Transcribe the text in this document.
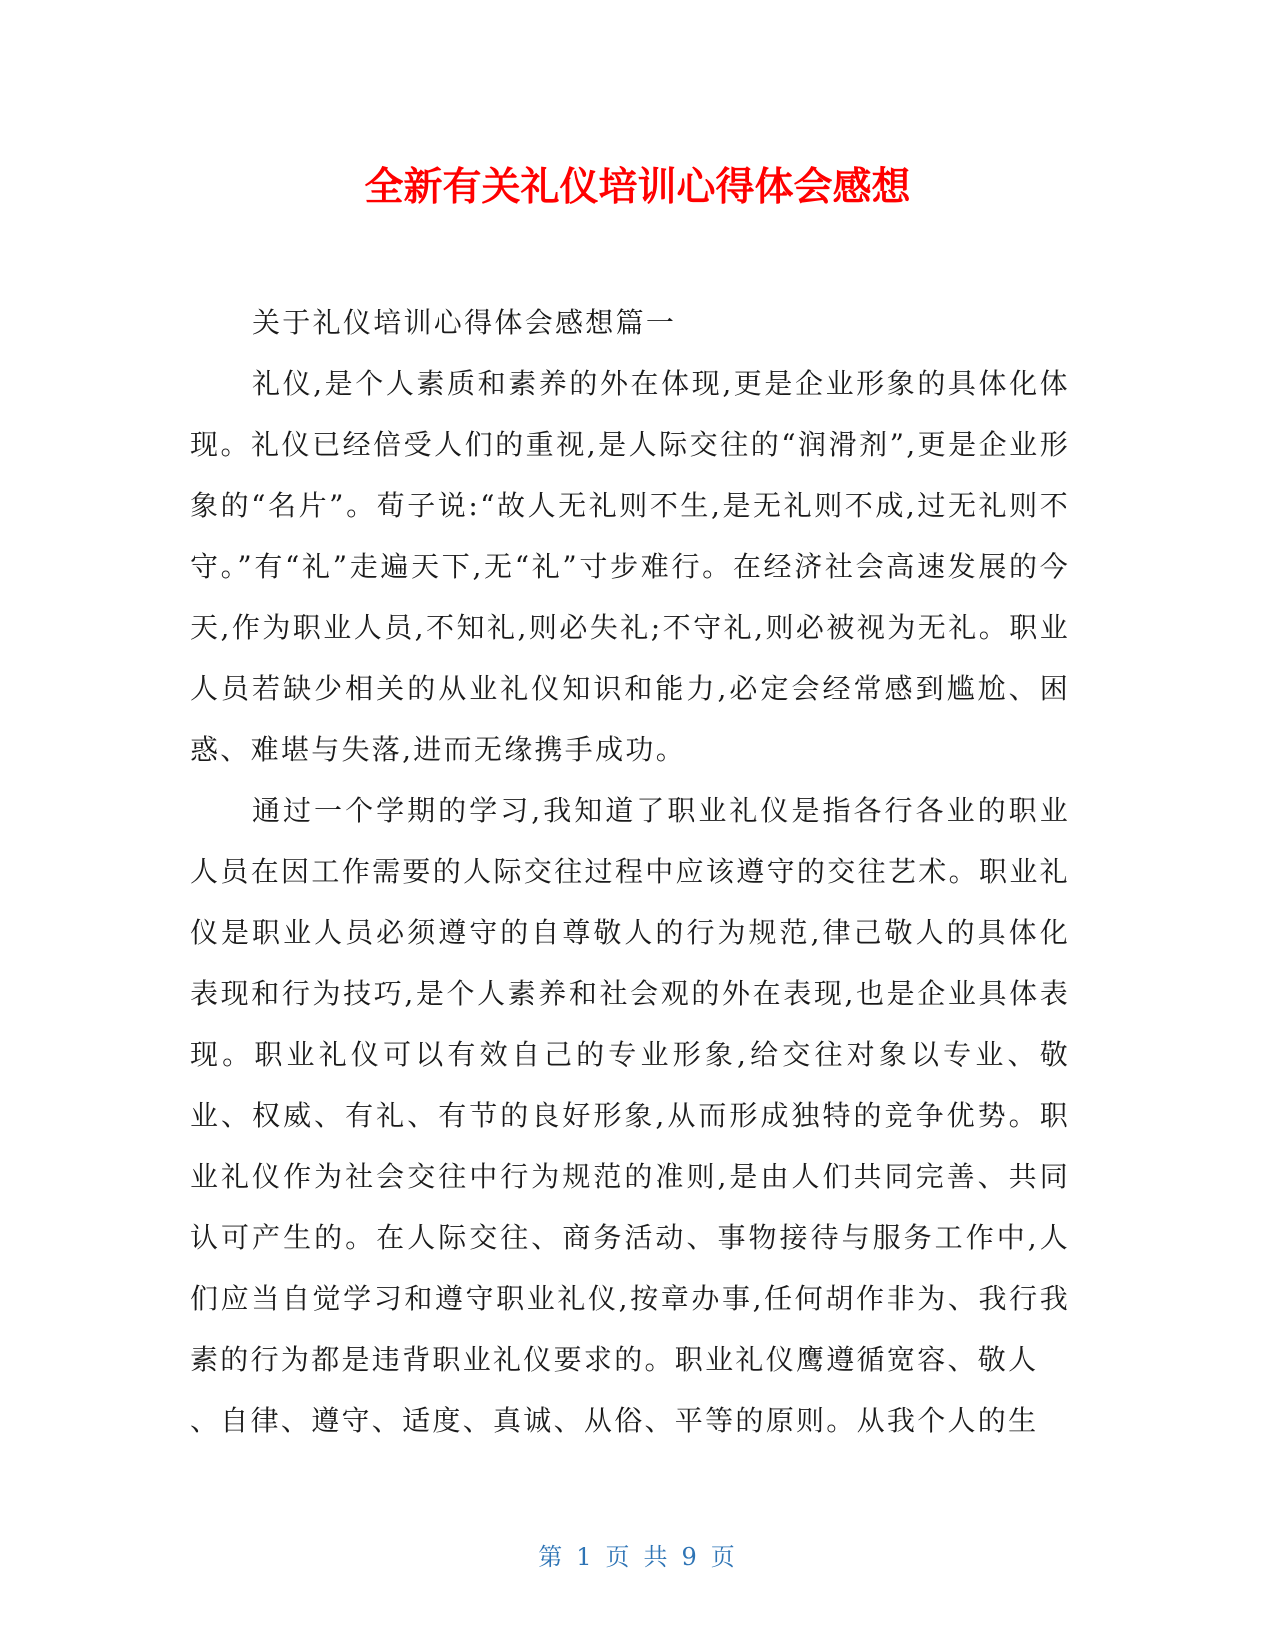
全新有关礼仪培训心得体会感想

关于礼仪培训心得体会感想篇一

礼仪,是个人素质和素养的外在体现,更是企业形象的具体化体现。礼仪已经倍受人们的重视,是人际交往的“润滑剂”,更是企业形象的“名片”。荀子说:“故人无礼则不生,是无礼则不成,过无礼则不守。”有“礼”走遍天下,无“礼”寸步难行。在经济社会高速发展的今天,作为职业人员,不知礼,则必失礼;不守礼,则必被视为无礼。职业人员若缺少相关的从业礼仪知识和能力,必定会经常感到尴尬、困惑、难堪与失落,进而无缘携手成功。

通过一个学期的学习,我知道了职业礼仪是指各行各业的职业人员在因工作需要的人际交往过程中应该遵守的交往艺术。职业礼仪是职业人员必须遵守的自尊敬人的行为规范,律己敬人的具体化表现和行为技巧,是个人素养和社会观的外在表现,也是企业具体表现。职业礼仪可以有效自己的专业形象,给交往对象以专业、敬业、权威、有礼、有节的良好形象,从而形成独特的竞争优势。职业礼仪作为社会交往中行为规范的准则,是由人们共同完善、共同认可产生的。在人际交往、商务活动、事物接待与服务工作中,人们应当自觉学习和遵守职业礼仪,按章办事,任何胡作非为、我行我素的行为都是违背职业礼仪要求的。职业礼仪鹰遵循宽容、敬人

、自律、遵守、适度、真诚、从俗、平等的原则。从我个人的生

第 1 页 共 9 页
